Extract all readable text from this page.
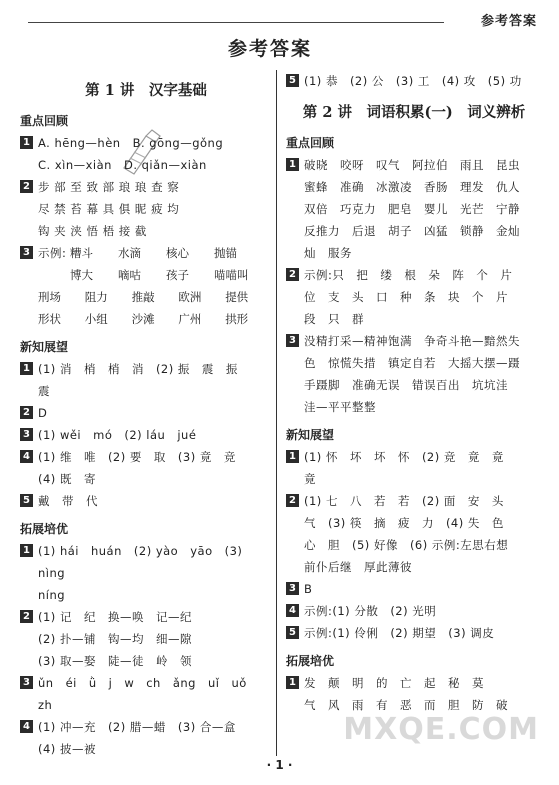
参考答案
参考答案
第 1 讲　汉字基础
重点回顾
1 A. hēng—hèn　B. gōng—gǒng
C. xìn—xiàn　D. qiǎn—xiàn
2 步 部 至 致 部 琅 琅 查 察
尽 禁 苔 幕 具 俱 昵 疲 均
钩 夹 浃 悟 梧 接 截
3 示例: 糟斗	水滴	核心	抛锚
博大	嘀咕	孩子	喵喵叫
刑场	阻力	推敲	欧洲	提供
形状	小组	沙滩	广州	拱形
新知展望
1 (1) 消　梢　梢　消　(2) 振　震　振
震
2 D
3 (1) wěi　mó　(2) láu　jué
4 (1) 维　唯　(2) 要　取　(3) 竟　竞
(4) 既　寄
5 戴　带　代
拓展培优
1 (1) hái　huán　(2) yào　yāo　(3) nìng
níng
2 (1) 记　纪　换—唤　记—纪
(2) 扑—铺　钩—均　细—隙
(3) 取—娶　陡—徒　岭　领
3 ǔn　éi　ǜ　j　w　ch　ǎng　uǐ　uǒ　zh
4 (1) 冲—充　(2) 腊—蜡　(3) 合—盒
(4) 披—被
5 (1) 恭　(2) 公　(3) 工　(4) 攻　(5) 功
第 2 讲　词语积累(一)　词义辨析
重点回顾
1 破晓　咬呀　叹气　阿拉伯　雨且　昆虫
蜜蜂　准确　冰激凌　香肠　理发　仇人
双倍　巧克力　肥皂　婴儿　光芒　宁静
反推力　后退　胡子　凶猛　锁静　金灿
灿　服务
2 示例:只　把　缕　根　朵　阵　个　片
位　支　头　口　种　条　块　个　片
段　只　群
3 没精打采—精神饱满　争奇斗艳—黯然失
色　惊慌失措　镇定自若　大摇大摆—蹑
手蹑脚　准确无误　错误百出　坑坑洼
洼—平平整整
新知展望
1 (1) 怀　坏　坏　怀　(2) 竞　竟　竟
竟
2 (1) 七　八　若　若　(2) 面　安　头
气　(3) 筷　摘　疲　力　(4) 失　色
心　胆　(5) 好像　(6) 示例:左思右想
前仆后继　厚此薄彼
3 B
4 示例:(1) 分散　(2) 光明
5 示例:(1) 伶俐　(2) 期望　(3) 调皮
拓展培优
1 发　颠　明　的　亡　起　秘　莫
气　风　雨　有　恶　而　胆　防　破
MXQE.COM
· 1 ·
